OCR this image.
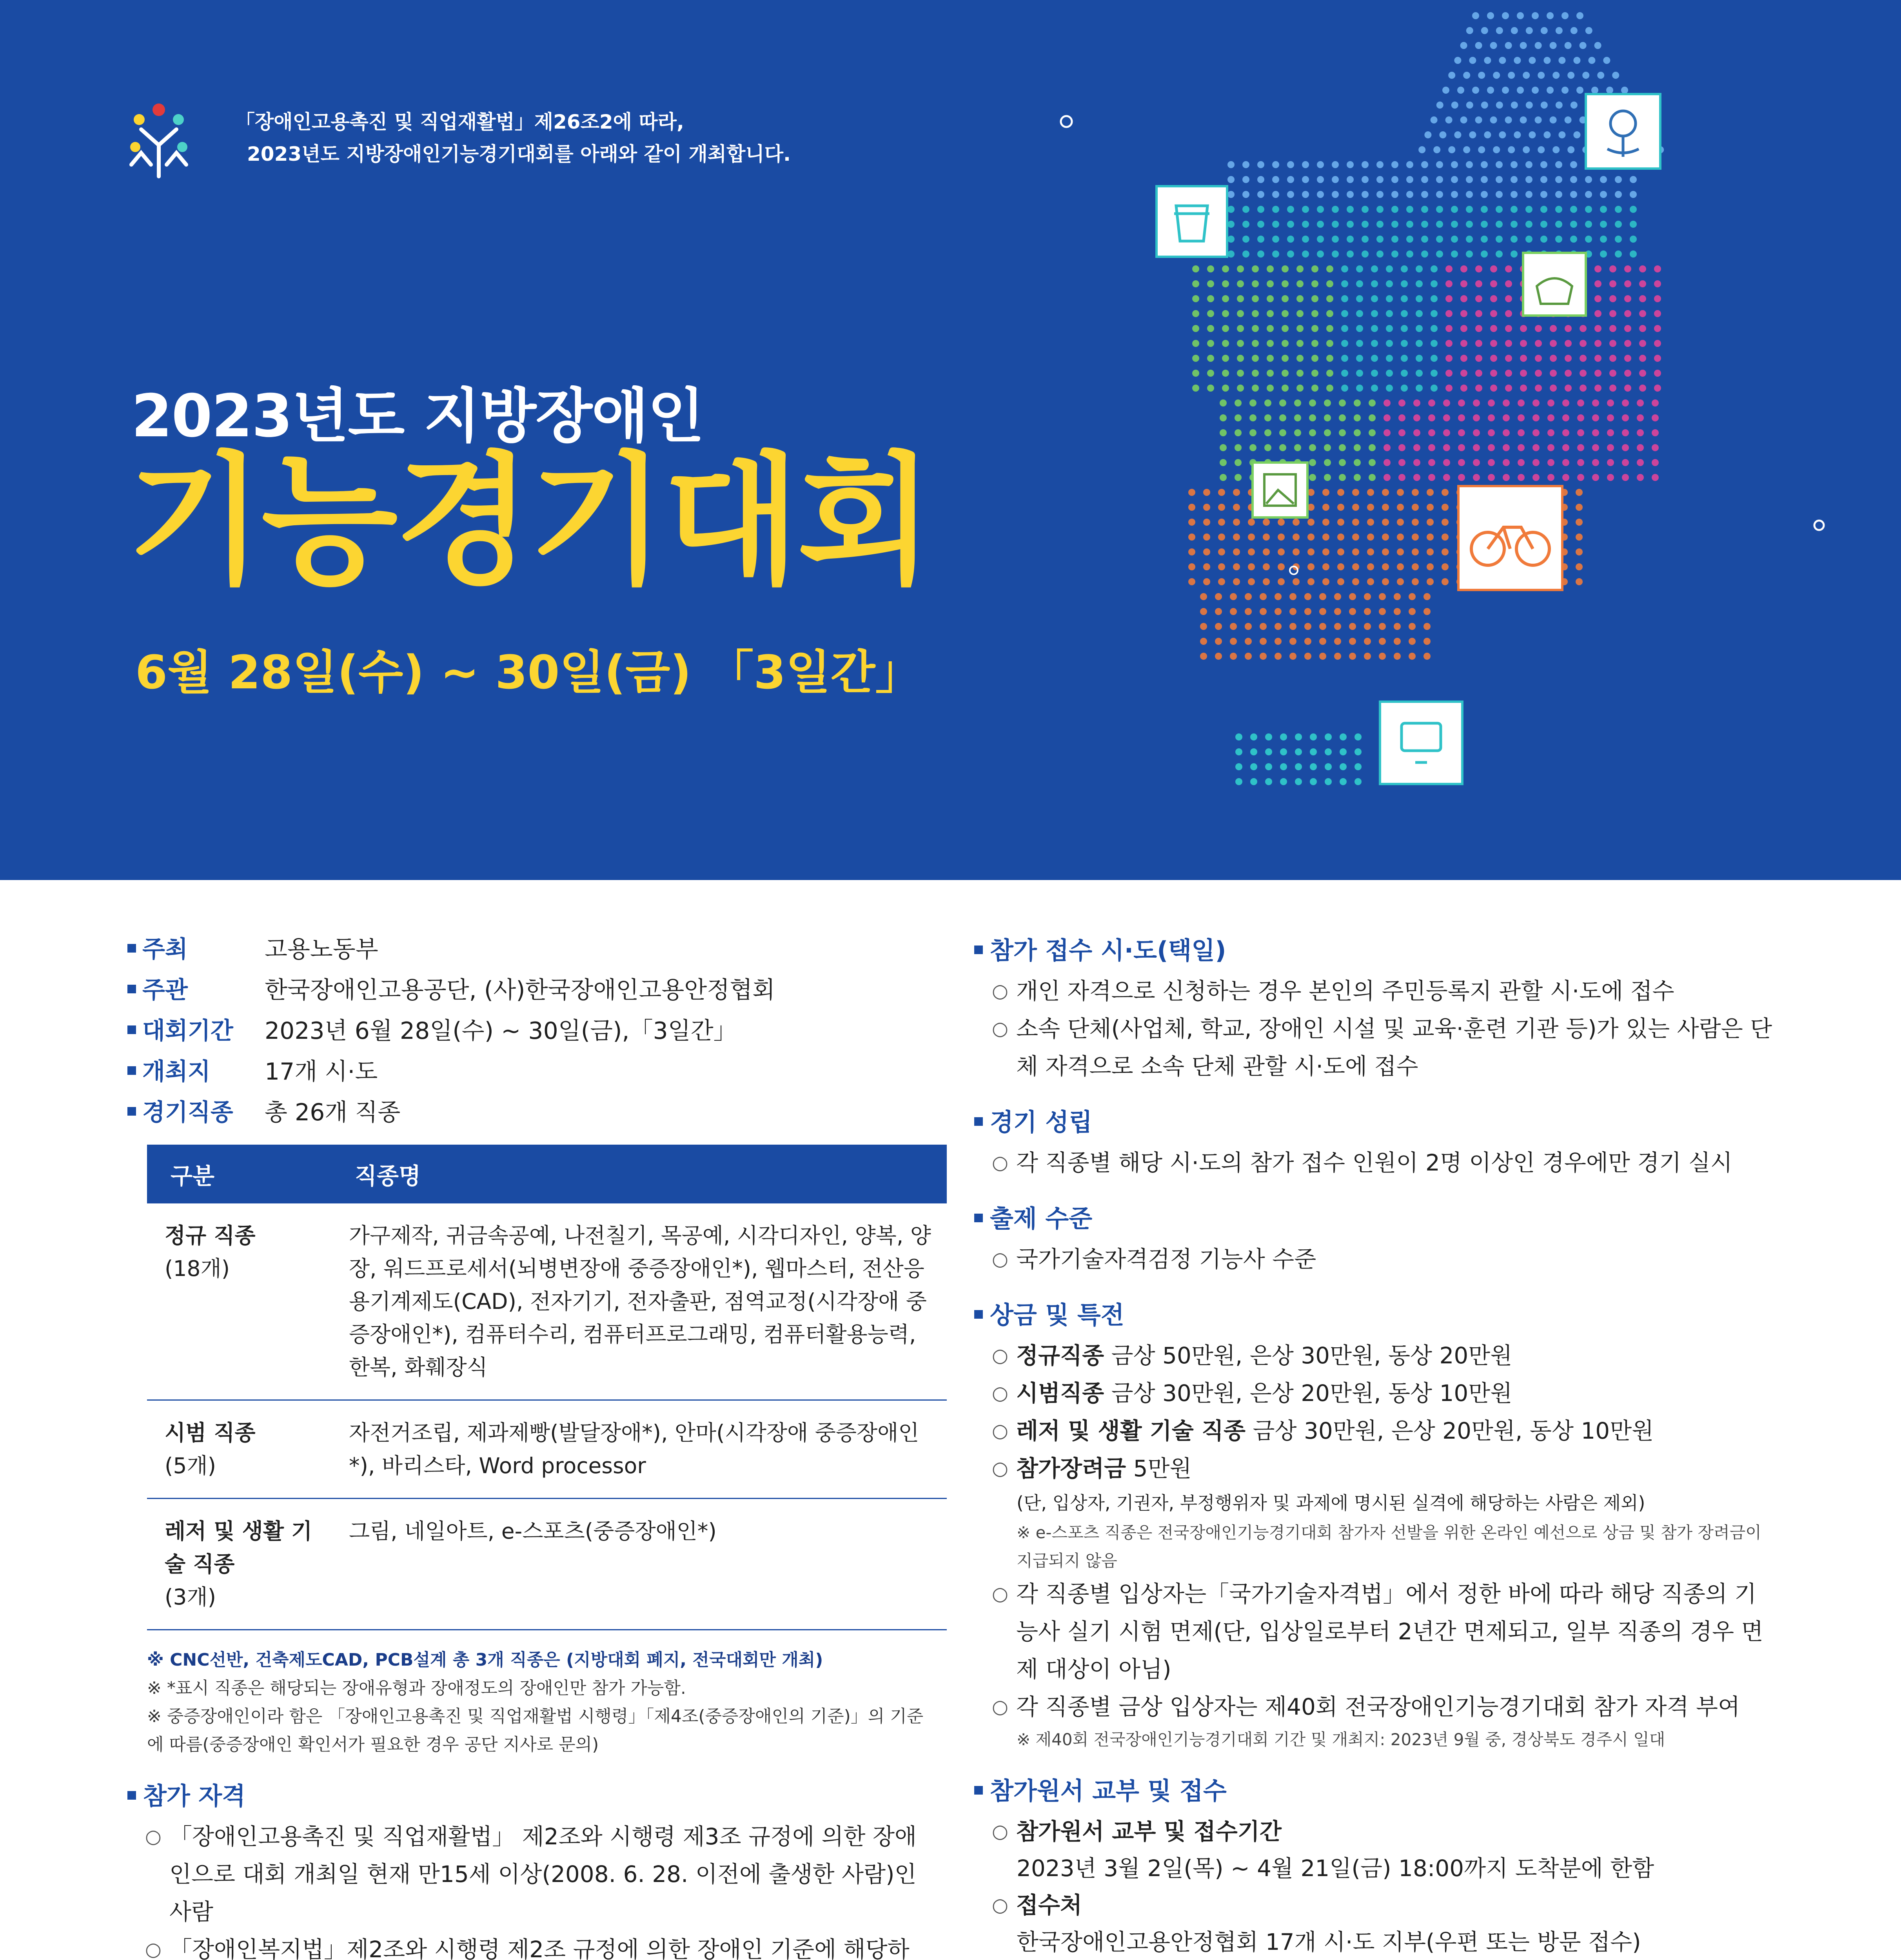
「장애인고용촉진 및 직업재활법」제26조2에 따라,
2023년도 지방장애인기능경기대회를 아래와 같이 개최합니다.
2023년도 지방장애인
기능경기대회
6월 28일(수) ~ 30일(금) 「3일간」
주최	고용노동부
주관	한국장애인고용공단, (사)한국장애인고용안정협회
대회기간	2023년 6월 28일(수) ~ 30일(금),「3일간」
개최지	17개 시·도
경기직종	총 26개 직종
구분	직종명
정규 직종
(18개)	가구제작, 귀금속공예, 나전칠기, 목공예, 시각디자인, 양복, 양장, 워드프로세서(뇌병변장애 중증장애인*), 웹마스터, 전산응용기계제도(CAD), 전자기기, 전자출판, 점역교정(시각장애 중증장애인*), 컴퓨터수리, 컴퓨터프로그래밍, 컴퓨터활용능력, 한복, 화훼장식
시범 직종
(5개)	자전거조립, 제과제빵(발달장애*), 안마(시각장애 중증장애인*), 바리스타, Word processor
레저 및 생활 기술 직종
(3개)	그림, 네일아트, e-스포츠(중증장애인*)
※ CNC선반, 건축제도CAD, PCB설계 총 3개 직종은 (지방대회 폐지, 전국대회만 개최)
※ *표시 직종은 해당되는 장애유형과 장애정도의 장애인만 참가 가능함.
※ 중증장애인이라 함은 「장애인고용촉진 및 직업재활법 시행령」「제4조(중증장애인의 기준)」의 기준에 따름(중증장애인 확인서가 필요한 경우 공단 지사로 문의)
참가 자격
○ 「장애인고용촉진 및 직업재활법」 제2조와 시행령 제3조 규정에 의한 장애인으로 대회 개최일 현재 만15세 이상(2008. 6. 28. 이전에 출생한 사람)인 사람
○ 「장애인복지법」제2조와 시행령 제2조 규정에 의한 장애인 기준에 해당하
참가 접수 시·도(택일)
○ 개인 자격으로 신청하는 경우 본인의 주민등록지 관할 시·도에 접수
○ 소속 단체(사업체, 학교, 장애인 시설 및 교육·훈련 기관 등)가 있는 사람은 단체 자격으로 소속 단체 관할 시·도에 접수
경기 성립
○ 각 직종별 해당 시·도의 참가 접수 인원이 2명 이상인 경우에만 경기 실시
출제 수준
○ 국가기술자격검정 기능사 수준
상금 및 특전
○ 정규직종 금상 50만원, 은상 30만원, 동상 20만원
○ 시범직종 금상 30만원, 은상 20만원, 동상 10만원
○ 레저 및 생활 기술 직종 금상 30만원, 은상 20만원, 동상 10만원
○ 참가장려금 5만원
(단, 입상자, 기권자, 부정행위자 및 과제에 명시된 실격에 해당하는 사람은 제외)
※ e-스포츠 직종은 전국장애인기능경기대회 참가자 선발을 위한 온라인 예선으로 상금 및 참가 장려금이 지급되지 않음
○ 각 직종별 입상자는「국가기술자격법」에서 정한 바에 따라 해당 직종의 기능사 실기 시험 면제(단, 입상일로부터 2년간 면제되고, 일부 직종의 경우 면제 대상이 아님)
○ 각 직종별 금상 입상자는 제40회 전국장애인기능경기대회 참가 자격 부여
※ 제40회 전국장애인기능경기대회 기간 및 개최지: 2023년 9월 중, 경상북도 경주시 일대
참가원서 교부 및 접수
○ 참가원서 교부 및 접수기간
2023년 3월 2일(목) ~ 4월 21일(금) 18:00까지 도착분에 한함
○ 접수처
한국장애인고용안정협회 17개 시·도 지부(우편 또는 방문 접수)
